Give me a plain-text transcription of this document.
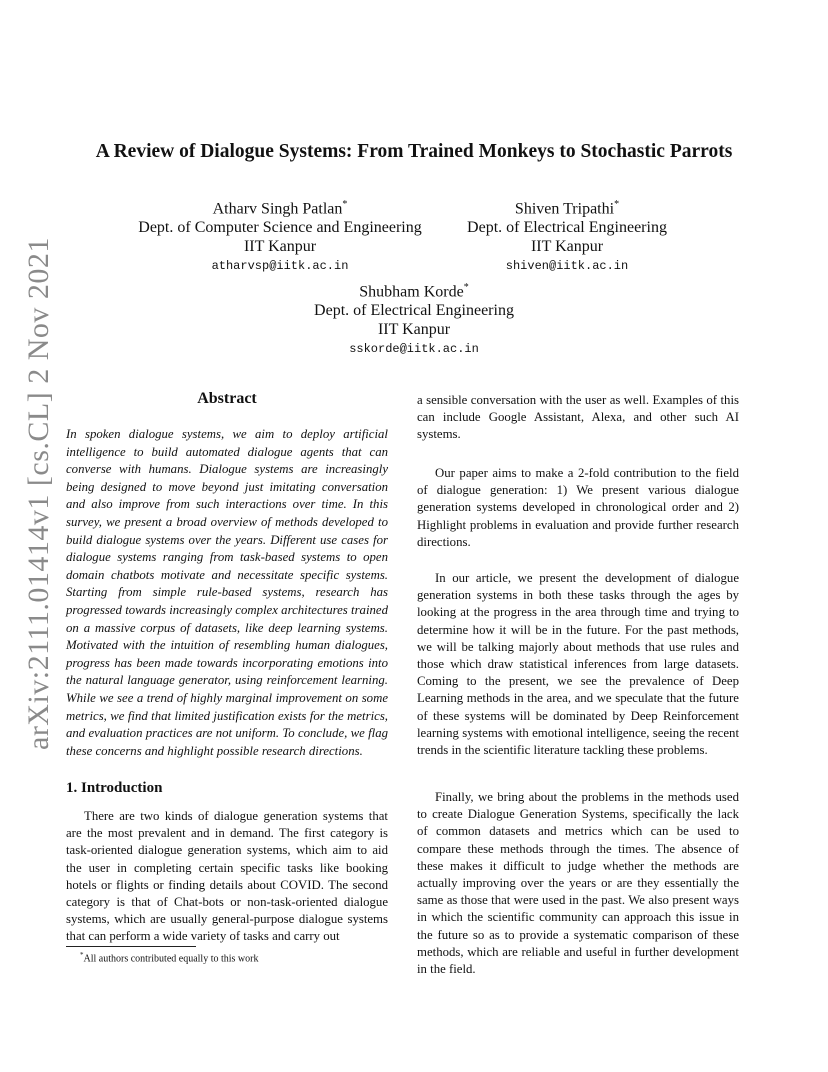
arXiv:2111.01414v1 [cs.CL] 2 Nov 2021
A Review of Dialogue Systems: From Trained Monkeys to Stochastic Parrots
Atharv Singh Patlan*
Dept. of Computer Science and Engineering
IIT Kanpur
atharvsp@iitk.ac.in
Shiven Tripathi*
Dept. of Electrical Engineering
IIT Kanpur
shiven@iitk.ac.in
Shubham Korde*
Dept. of Electrical Engineering
IIT Kanpur
sskorde@iitk.ac.in
Abstract
In spoken dialogue systems, we aim to deploy artificial intelligence to build automated dialogue agents that can converse with humans. Dialogue systems are increasingly being designed to move beyond just imitating conversation and also improve from such interactions over time. In this survey, we present a broad overview of methods developed to build dialogue systems over the years. Different use cases for dialogue systems ranging from task-based systems to open domain chatbots motivate and necessitate specific systems. Starting from simple rule-based systems, research has progressed towards increasingly complex architectures trained on a massive corpus of datasets, like deep learning systems. Motivated with the intuition of resembling human dialogues, progress has been made towards incorporating emotions into the natural language generator, using reinforcement learning. While we see a trend of highly marginal improvement on some metrics, we find that limited justification exists for the metrics, and evaluation practices are not uniform. To conclude, we flag these concerns and highlight possible research directions.
1. Introduction
There are two kinds of dialogue generation systems that are the most prevalent and in demand. The first category is task-oriented dialogue generation systems, which aim to aid the user in completing certain specific tasks like booking hotels or flights or finding details about COVID. The second category is that of Chat-bots or non-task-oriented dialogue systems, which are usually general-purpose dialogue systems that can perform a wide variety of tasks and carry out
*All authors contributed equally to this work
a sensible conversation with the user as well. Examples of this can include Google Assistant, Alexa, and other such AI systems.
Our paper aims to make a 2-fold contribution to the field of dialogue generation: 1) We present various dialogue generation systems developed in chronological order and 2) Highlight problems in evaluation and provide further research directions.
In our article, we present the development of dialogue generation systems in both these tasks through the ages by looking at the progress in the area through time and trying to determine how it will be in the future. For the past methods, we will be talking majorly about methods that use rules and those which draw statistical inferences from large datasets. Coming to the present, we see the prevalence of Deep Learning methods in the area, and we speculate that the future of these systems will be dominated by Deep Reinforcement learning systems with emotional intelligence, seeing the recent trends in the scientific literature tackling these problems.
Finally, we bring about the problems in the methods used to create Dialogue Generation Systems, specifically the lack of common datasets and metrics which can be used to compare these methods through the times. The absence of these makes it difficult to judge whether the methods are actually improving over the years or are they essentially the same as those that were used in the past. We also present ways in which the scientific community can approach this issue in the future so as to provide a systematic comparison of these methods, which are reliable and useful in further development in the field.
